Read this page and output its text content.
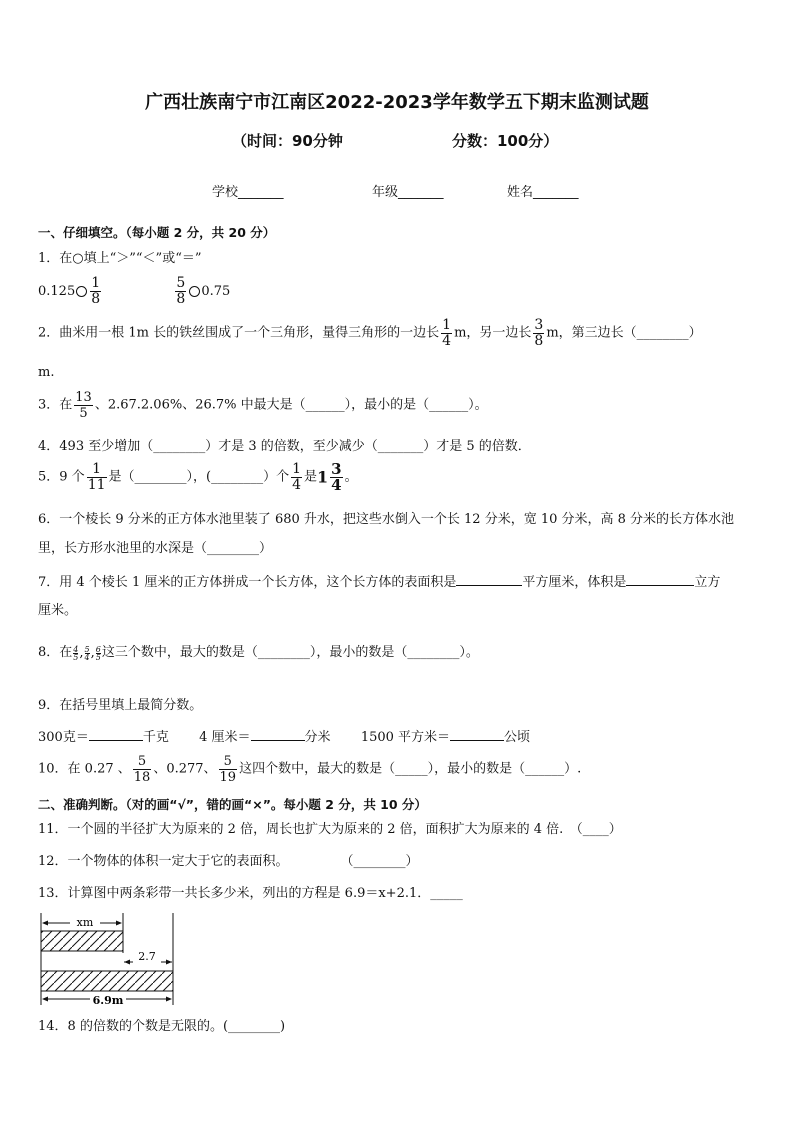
广西壮族南宁市江南区2022-2023学年数学五下期末监测试题
（时间：90分钟	分数：100分）
学校_______	年级_______	姓名_______
一、仔细填空。（每小题 2 分，共 20 分）
1．在○填上“＞”“＜”或“＝”
$0.125 \frac{1}{8}$
	$\frac{5}{8} 0.75$
2．曲米用一根 1m 长的铁丝围成了一个三角形，量得三角形的一边长 $\frac{1}{4}$ m，另一边长 $\frac{3}{8}$ m，第三边长（________）
m.
3．在 $\frac{13}{5}$ 、2.67.2.06%、26.7% 中最大是（______），最小的是（______）。
4．493 至少增加（________）才是 3 的倍数，至少减少（_______）才是 5 的倍数．
5．9 个 $\frac{1}{11}$ 是（________），(________）个 $\frac{1}{4}$ 是$1 \frac{3}{4}$ 。
6．一个棱长 9 分米的正方体水池里装了 680 升水，把这些水倒入一个长 12 分米，宽 10 分米，高 8 分米的长方体水池
里，长方形水池里的水深是（________）
7．用 4 个棱长 1 厘米的正方体拼成一个长方体，这个长方体的表面积是	平方厘米，体积是	立方
厘米。
8．在 $\frac{4}{5}$ , $\frac{5}{4}$ , $\frac{6}{5}$ 这三个数中，最大的数是（________），最小的数是（________）。
9．在括号里填上最简分数。
300克＝	千克 4 厘米＝	分米 1500 平方米＝	公顷
10．在 0.27 、 $\frac{5}{18}$ 、0.277、 $\frac{5}{19}$ 这四个数中，最大的数是（_____），最小的数是（______）.
二、准确判断。（对的画“√”，错的画“×”。每小题 2 分，共 10 分）
11．一个圆的半径扩大为原来的 2 倍，周长也扩大为原来的 2 倍，面积扩大为原来的 4 倍.　（____）
12．一个物体的体积一定大于它的表面积。　　　　　（________）
13．计算图中两条彩带一共长多少米，列出的方程是 6.9＝x+2.1．_____
xm
2.7
6.9m
14．8 的倍数的个数是无限的。(________)
